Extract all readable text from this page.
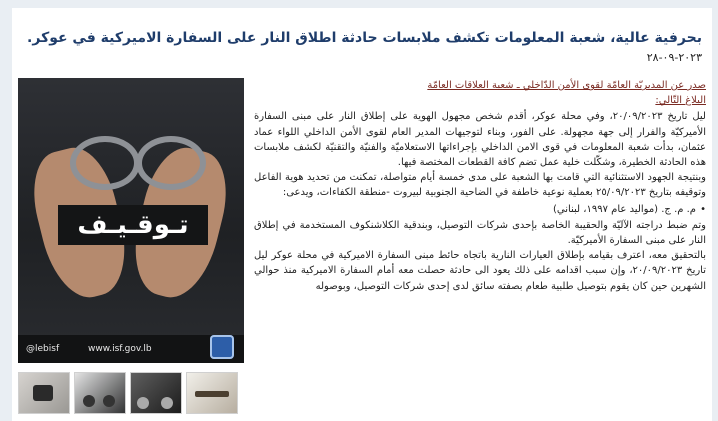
بحرفية عالية، شعبة المعلومات تكشف ملابسات حادثة اطلاق النار على السفارة الاميركية في عوكر.
٢٠٢٣-٠٩-٢٨
تـوقـيـف
@lebisf	www.isf.gov.lb
صدر عن المديريّة العامّة لقوى الأمن الدّاخلي ـ شعبة العلاقات العامّة
البلاغ التّالي:

ليل تاريخ ٢٠/٠٩/٢٠٢٣، وفي محلة عوكر، أقدم شخص مجهول الهوية على إطلاق النار على مبنى السفارة الأميركيّة والفرار إلى جهة مجهولة. على الفور، وبناء لتوجيهات المدير العام لقوى الأمن الداخلي اللواء عماد عثمان، بدأت شعبة المعلومات في قوى الامن الداخلي بإجراءاتها الاستعلاميّة والفنيّة والتقنيّة لكشف ملابسات هذه الحادثة الخطيرة، وشكّلت خلية عمل تضم كافة القطعات المختصة فيها.

وبنتيجة الجهود الاستثنائية التي قامت بها الشعبة على مدى خمسة أيام متواصلة، تمكنت من تحديد هوية الفاعل وتوقيفه بتاريخ ٢٥/٠٩/٢٠٢٣ بعملية نوعية خاطفة في الضاحية الجنوبية لبيروت -منطقة الكفاءات، ويدعى:

• م. م. ج. (مواليد عام ١٩٩٧، لبناني)

وتم ضبط دراجته الآليّة والحقيبة الخاصة بإحدى شركات التوصيل، وبندقية الكلاشنكوف المستخدمة في إطلاق النار على مبنى السفارة الأميركيّة.

بالتحقيق معه، اعترف بقيامه بإطلاق العيارات النارية باتجاه حائط مبنى السفارة الاميركية في محلة عوكر ليل تاريخ ٢٠/٠٩/٢٠٢٣، وإن سبب اقدامه على ذلك يعود الى حادثة حصلت معه أمام السفارة الاميركية منذ حوالي الشهرين حين كان يقوم بتوصيل طلبية طعام بصفته سائق لدى إحدى شركات التوصيل، وبوصوله
